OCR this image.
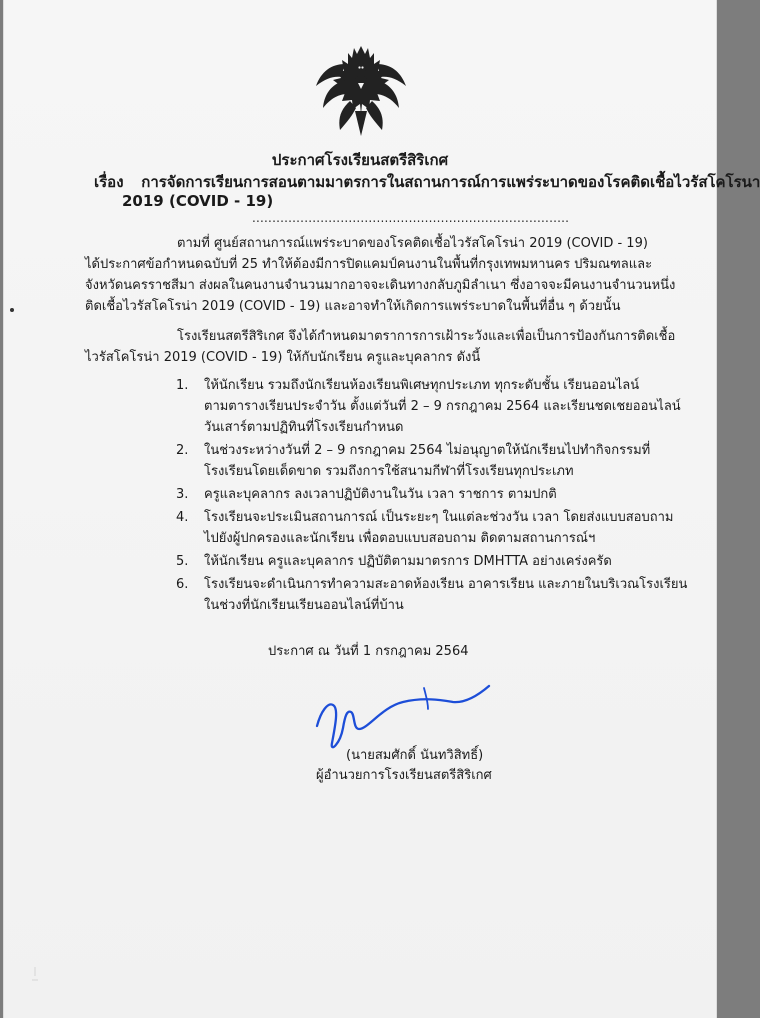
ประกาศโรงเรียนสตรีสิริเกศ
เรื่อง การจัดการเรียนการสอนตามมาตรการในสถานการณ์การแพร่ระบาดของโรคติดเชื้อไวรัสโคโรนา
2019 (COVID - 19)
...............................................................................
ตามที่ ศูนย์สถานการณ์แพร่ระบาดของโรคติดเชื้อไวรัสโคโรน่า 2019 (COVID - 19)
ได้ประกาศข้อกำหนดฉบับที่ 25 ทำให้ต้องมีการปิดแคมป์คนงานในพื้นที่กรุงเทพมหานคร ปริมณฑลและ
จังหวัดนครราชสีมา ส่งผลในคนงานจำนวนมากอาจจะเดินทางกลับภูมิลำเนา ซึ่งอาจจะมีคนงานจำนวนหนึ่ง
ติดเชื้อไวรัสโคโรน่า 2019 (COVID - 19) และอาจทำให้เกิดการแพร่ระบาดในพื้นที่อื่น ๆ ด้วยนั้น
โรงเรียนสตรีสิริเกศ จึงได้กำหนดมาตราการการเฝ้าระวังและเพื่อเป็นการป้องกันการติดเชื้อ
ไวรัสโคโรน่า 2019 (COVID - 19) ให้กับนักเรียน ครูและบุคลากร ดังนี้
1.	ให้นักเรียน รวมถึงนักเรียนห้องเรียนพิเศษทุกประเภท ทุกระดับชั้น เรียนออนไลน์
ตามตารางเรียนประจำวัน ตั้งแต่วันที่ 2 – 9 กรกฎาคม 2564 และเรียนชดเชยออนไลน์
วันเสาร์ตามปฏิทินที่โรงเรียนกำหนด
2.	ในช่วงระหว่างวันที่ 2 – 9 กรกฎาคม 2564 ไม่อนุญาตให้นักเรียนไปทำกิจกรรมที่
โรงเรียนโดยเด็ดขาด รวมถึงการใช้สนามกีฬาที่โรงเรียนทุกประเภท
3.	ครูและบุคลากร ลงเวลาปฏิบัติงานในวัน เวลา ราชการ ตามปกติ
4.	โรงเรียนจะประเมินสถานการณ์ เป็นระยะๆ ในแต่ละช่วงวัน เวลา โดยส่งแบบสอบถาม
ไปยังผู้ปกครองและนักเรียน เพื่อตอบแบบสอบถาม ติดตามสถานการณ์ฯ
5.	ให้นักเรียน ครูและบุคลากร ปฏิบัติตามมาตรการ DMHTTA อย่างเคร่งครัด
6.	โรงเรียนจะดำเนินการทำความสะอาดห้องเรียน อาคารเรียน และภายในบริเวณโรงเรียน
ในช่วงที่นักเรียนเรียนออนไลน์ที่บ้าน
ประกาศ ณ วันที่ 1 กรกฎาคม 2564
(นายสมศักดิ์ นันทวิสิทธิ์)
ผู้อำนวยการโรงเรียนสตรีสิริเกศ
